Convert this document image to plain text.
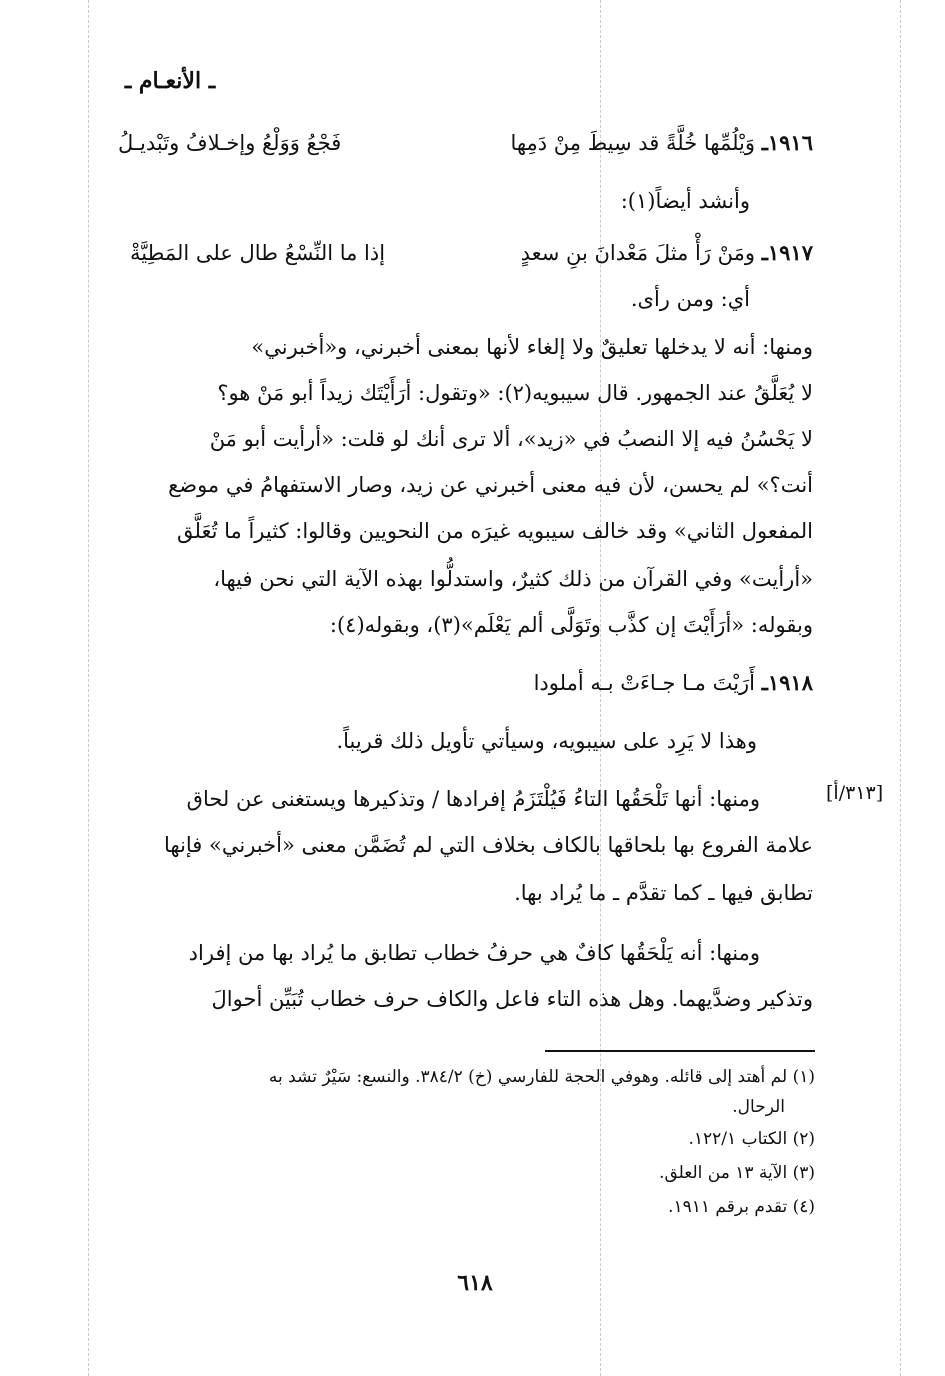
ـ الأنعـام ـ
١٩١٦ـ وَيْلُمِّها خُلَّةً قد سِيطَ مِنْ دَمِها
فَجْعُ وَوَلْعُ وإخـلافُ وتَبْديـلُ
وأنشد أيضاً(١):
١٩١٧ـ ومَنْ رَأْ مثلَ مَعْدانَ بنِ سعدٍ
إذا ما النِّسْعُ طال على المَطِيَّةْ
أي: ومن رأى.
ومنها: أنه لا يدخلها تعليقٌ ولا إلغاء لأنها بمعنى أخبرني، و«أخبرني»
لا يُعَلَّقُ عند الجمهور. قال سيبويه(٢): «وتقول: أرَأَيْتَك زيداً أبو مَنْ هو؟
لا يَحْسُنُ فيه إلا النصبُ في «زيد»، ألا ترى أنك لو قلت: «أرأيت أبو مَنْ
أنت؟» لم يحسن، لأن فيه معنى أخبرني عن زيد، وصار الاستفهامُ في موضع
المفعول الثاني» وقد خالف سيبويه غيرَه من النحويين وقالوا: كثيراً ما تُعَلَّق
«أرأيت» وفي القرآن من ذلك كثيرٌ، واستدلُّوا بهذه الآية التي نحن فيها،
وبقوله: «أرَأَيْتَ إن كذَّب وتَوَلَّى ألم يَعْلَم»(٣)، وبقوله(٤):
١٩١٨ـ أَرَيْتَ مـا جـاءَتْ بـه أملودا
وهذا لا يَرِد على سيبويه، وسيأتي تأويل ذلك قريباً.
[٣١٣/أ]
ومنها: أنها تَلْحَقُها التاءُ فَيُلْتَزَمُ إفرادها / وتذكيرها ويستغنى عن لحاق
علامة الفروع بها بلحاقها بالكاف بخلاف التي لم تُضَمَّن معنى «أخبرني» فإنها
تطابق فيها ـ كما تقدَّم ـ ما يُراد بها.
ومنها: أنه يَلْحَقُها كافٌ هي حرفُ خطاب تطابق ما يُراد بها من إفراد
وتذكير وضدَّيهما. وهل هذه التاء فاعل والكاف حرف خطاب تُبَيِّن أحوالَ
(١) لم أهتد إلى قائله. وهوفي الحجة للفارسي (خ) ٣٨٤/٢. والنسع: سَيْرٌ تشد به
الرحال.
(٢) الكتاب ١٢٢/١.
(٣) الآية ١٣ من العلق.
(٤) تقدم برقم ١٩١١.
٦١٨
